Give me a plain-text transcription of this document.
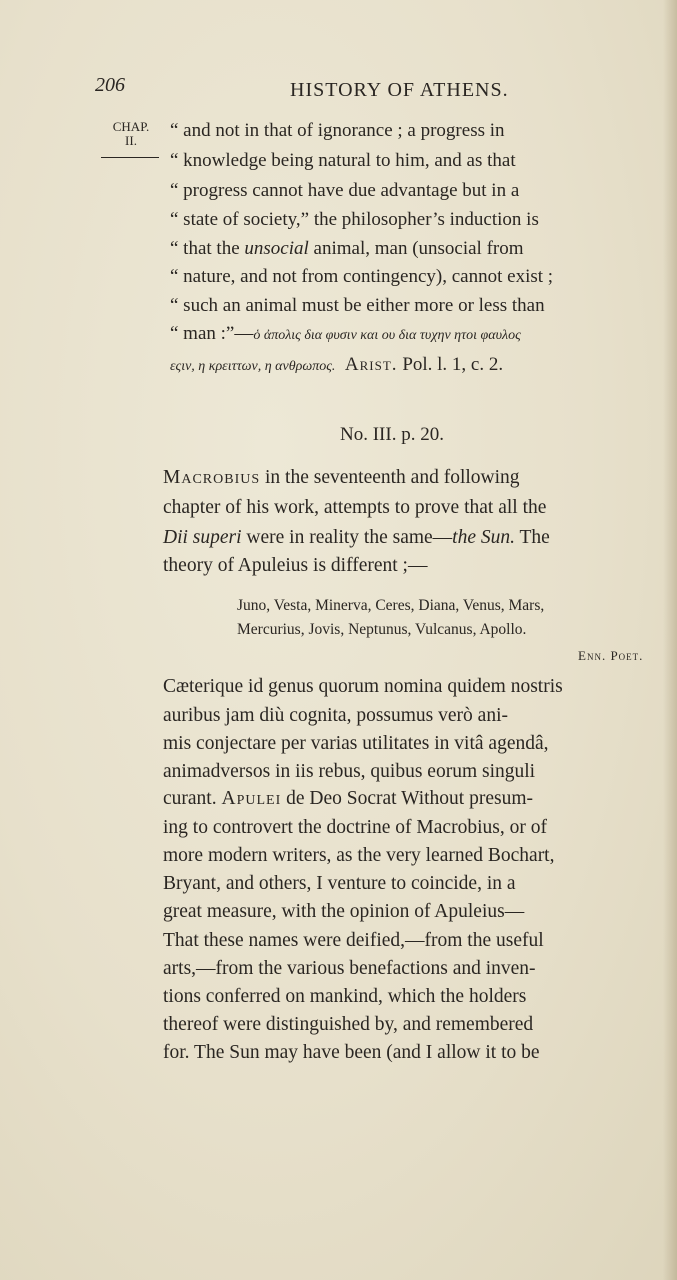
206	HISTORY OF ATHENS.
CHAP.
II.	“ and not in that of ignorance ; a progress in
“ knowledge being natural to him, and as that
“ progress cannot have due advantage but in a
“ state of society,” the philosopher’s induction is
“ that the unsocial animal, man (unsocial from
“ nature, and not from contingency), cannot exist ;
“ such an animal must be either more or less than
“ man :”—ὁ ἀπολις δια φυσιν και ου δια τυχην ητοι φαυλος
εςιν, η κρειττων, η ανθρωπος. Arist. Pol. l. 1, c. 2.
No. III. p. 20.
Macrobius in the seventeenth and following
chapter of his work, attempts to prove that all the
Dii superi were in reality the same—the Sun. The
theory of Apuleius is different ;—
Juno, Vesta, Minerva, Ceres, Diana, Venus, Mars,
Mercurius, Jovis, Neptunus, Vulcanus, Apollo.
Enn. Poet.
Cæterique id genus quorum nomina quidem nostris
auribus jam diù cognita, possumus verò ani-
mis conjectare per varias utilitates in vitâ agendâ,
animadversos in iis rebus, quibus eorum singuli
curant. Apulei de Deo Socrat Without presum-
ing to controvert the doctrine of Macrobius, or of
more modern writers, as the very learned Bochart,
Bryant, and others, I venture to coincide, in a
great measure, with the opinion of Apuleius—
That these names were deified,—from the useful
arts,—from the various benefactions and inven-
tions conferred on mankind, which the holders
thereof were distinguished by, and remembered
for. The Sun may have been (and I allow it to be
